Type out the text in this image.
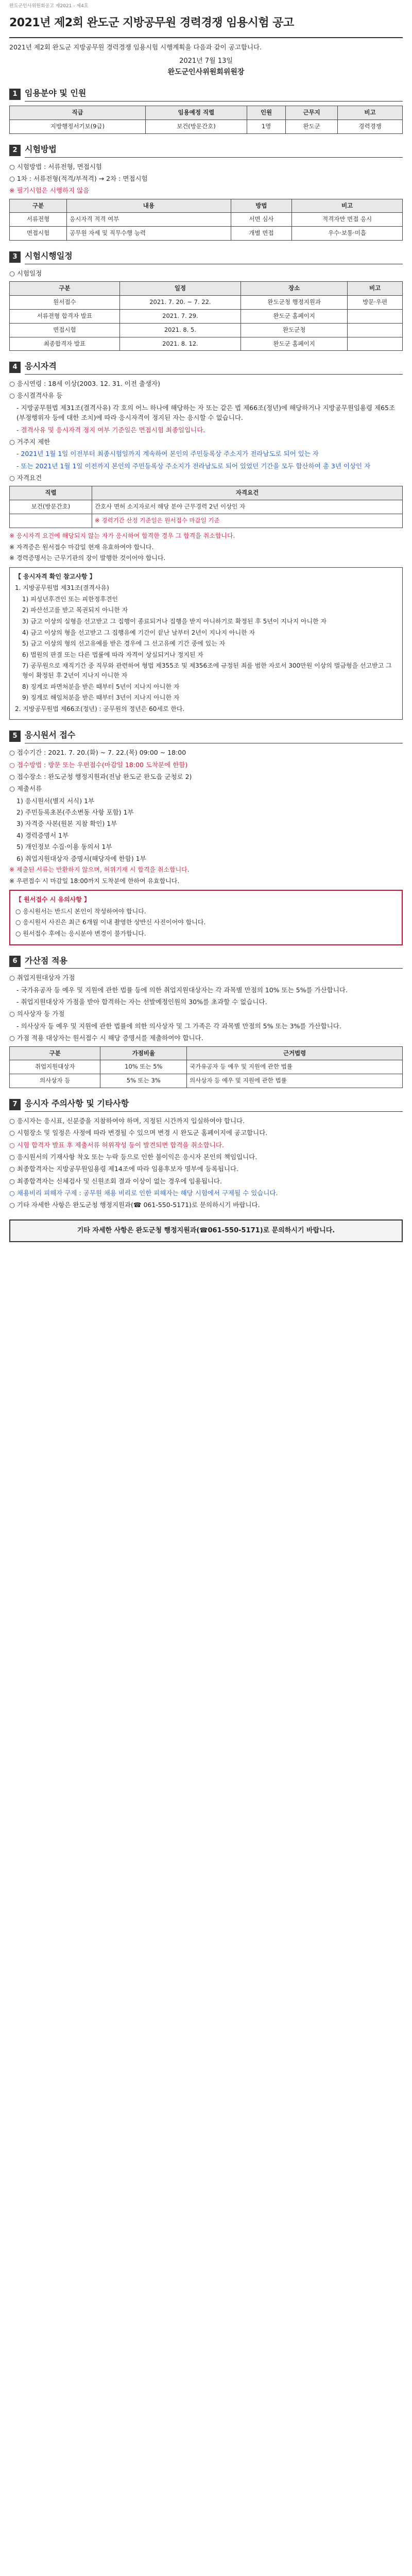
완도군인사위원회공고 제2021 - 제4호
2021년 제2회 완도군 지방공무원 경력경쟁 임용시험 공고
2021년 제2회 완도군 지방공무원 경력경쟁 임용시험 시행계획을 다음과 같이 공고합니다.
2021년 7월 13일
완도군인사위원회위원장
1 임용분야 및 인원
직급	임용예정 직렬	인원	근무지	비고
지방행정서기보(9급)	보건(방문간호)	1명	완도군	경력경쟁
2 시험방법
○ 시험방법 : 서류전형, 면접시험
○ 1차 : 서류전형(적격/부적격) → 2차 : 면접시험
※ 필기시험은 시행하지 않음
구분	내용	방법	비고
서류전형	응시자격 적격 여부	서면 심사	적격자만 면접 응시
면접시험	공무원 자세 및 직무수행 능력	개별 면접	우수·보통·미흡
3 시험시행일정
○ 시험일정
구분	일정	장소	비고
원서접수	2021. 7. 20. ~ 7. 22.	완도군청 행정지원과	방문·우편
서류전형 합격자 발표	2021. 7. 29.	완도군 홈페이지	
면접시험	2021. 8. 5.	완도군청	
최종합격자 발표	2021. 8. 12.	완도군 홈페이지	
4 응시자격
○ 응시연령 : 18세 이상(2003. 12. 31. 이전 출생자)
○ 응시결격사유 등
- 지방공무원법 제31조(결격사유) 각 호의 어느 하나에 해당하는 자 또는 같은 법 제66조(정년)에 해당하거나 지방공무원임용령 제65조(부정행위자 등에 대한 조치)에 따라 응시자격이 정지된 자는 응시할 수 없습니다.
- 결격사유 및 응시자격 정지 여부 기준일은 면접시험 최종일입니다.
○ 거주지 제한
- 2021년 1월 1일 이전부터 최종시험일까지 계속하여 본인의 주민등록상 주소지가 전라남도로 되어 있는 자
- 또는 2021년 1월 1일 이전까지 본인의 주민등록상 주소지가 전라남도로 되어 있었던 기간을 모두 합산하여 총 3년 이상인 자
○ 자격요건
직렬	자격요건
보건(방문간호)	간호사 면허 소지자로서 해당 분야 근무경력 2년 이상인 자
	※ 경력기간 산정 기준일은 원서접수 마감일 기준
※ 응시자격 요건에 해당되지 않는 자가 응시하여 합격한 경우 그 합격을 취소합니다.
※ 자격증은 원서접수 마감일 현재 유효하여야 합니다.
※ 경력증명서는 근무기관의 장이 발행한 것이어야 합니다.
【 응시자격 확인 참고사항 】
1. 지방공무원법 제31조(결격사유)
1) 피성년후견인 또는 피한정후견인
2) 파산선고를 받고 복권되지 아니한 자
3) 금고 이상의 실형을 선고받고 그 집행이 종료되거나 집행을 받지 아니하기로 확정된 후 5년이 지나지 아니한 자
4) 금고 이상의 형을 선고받고 그 집행유예 기간이 끝난 날부터 2년이 지나지 아니한 자
5) 금고 이상의 형의 선고유예를 받은 경우에 그 선고유예 기간 중에 있는 자
6) 법원의 판결 또는 다른 법률에 따라 자격이 상실되거나 정지된 자
7) 공무원으로 재직기간 중 직무와 관련하여 형법 제355조 및 제356조에 규정된 죄를 범한 자로서 300만원 이상의 벌금형을 선고받고 그 형이 확정된 후 2년이 지나지 아니한 자
8) 징계로 파면처분을 받은 때부터 5년이 지나지 아니한 자
9) 징계로 해임처분을 받은 때부터 3년이 지나지 아니한 자
2. 지방공무원법 제66조(정년) : 공무원의 정년은 60세로 한다.
5 응시원서 접수
○ 접수기간 : 2021. 7. 20.(화) ~ 7. 22.(목) 09:00 ~ 18:00
○ 접수방법 : 방문 또는 우편접수(마감일 18:00 도착분에 한함)
○ 접수장소 : 완도군청 행정지원과(전남 완도군 완도읍 군청로 2)
○ 제출서류
1) 응시원서(별지 서식) 1부
2) 주민등록초본(주소변동 사항 포함) 1부
3) 자격증 사본(원본 지참 확인) 1부
4) 경력증명서 1부
5) 개인정보 수집·이용 동의서 1부
6) 취업지원대상자 증명서(해당자에 한함) 1부
※ 제출된 서류는 반환하지 않으며, 허위기재 시 합격을 취소합니다.
※ 우편접수 시 마감일 18:00까지 도착분에 한하여 유효합니다.
【 원서접수 시 유의사항 】
○ 응시원서는 반드시 본인이 작성하여야 합니다.
○ 응시원서 사진은 최근 6개월 이내 촬영한 상반신 사진이어야 합니다.
○ 원서접수 후에는 응시분야 변경이 불가합니다.
6 가산점 적용
○ 취업지원대상자 가점
- 국가유공자 등 예우 및 지원에 관한 법률 등에 의한 취업지원대상자는 각 과목별 만점의 10% 또는 5%를 가산합니다.
- 취업지원대상자 가점을 받아 합격하는 자는 선발예정인원의 30%를 초과할 수 없습니다.
○ 의사상자 등 가점
- 의사상자 등 예우 및 지원에 관한 법률에 의한 의사상자 및 그 가족은 각 과목별 만점의 5% 또는 3%를 가산합니다.
○ 가점 적용 대상자는 원서접수 시 해당 증명서를 제출하여야 합니다.
구분	가점비율	근거법령
취업지원대상자	10% 또는 5%	국가유공자 등 예우 및 지원에 관한 법률
의사상자 등	5% 또는 3%	의사상자 등 예우 및 지원에 관한 법률
7 응시자 주의사항 및 기타사항
○ 응시자는 응시표, 신분증을 지참하여야 하며, 지정된 시간까지 입실하여야 합니다.
○ 시험장소 및 일정은 사정에 따라 변경될 수 있으며 변경 시 완도군 홈페이지에 공고합니다.
○ 시험 합격자 발표 후 제출서류 허위작성 등이 발견되면 합격을 취소합니다.
○ 응시원서의 기재사항 착오 또는 누락 등으로 인한 불이익은 응시자 본인의 책임입니다.
○ 최종합격자는 지방공무원임용령 제14조에 따라 임용후보자 명부에 등록됩니다.
○ 최종합격자는 신체검사 및 신원조회 결과 이상이 없는 경우에 임용됩니다.
○ 채용비리 피해자 구제 : 공무원 채용 비리로 인한 피해자는 해당 시험에서 구제될 수 있습니다.
○ 기타 자세한 사항은 완도군청 행정지원과(☎ 061-550-5171)로 문의하시기 바랍니다.
기타 자세한 사항은 완도군청 행정지원과(☎061-550-5171)로 문의하시기 바랍니다.
